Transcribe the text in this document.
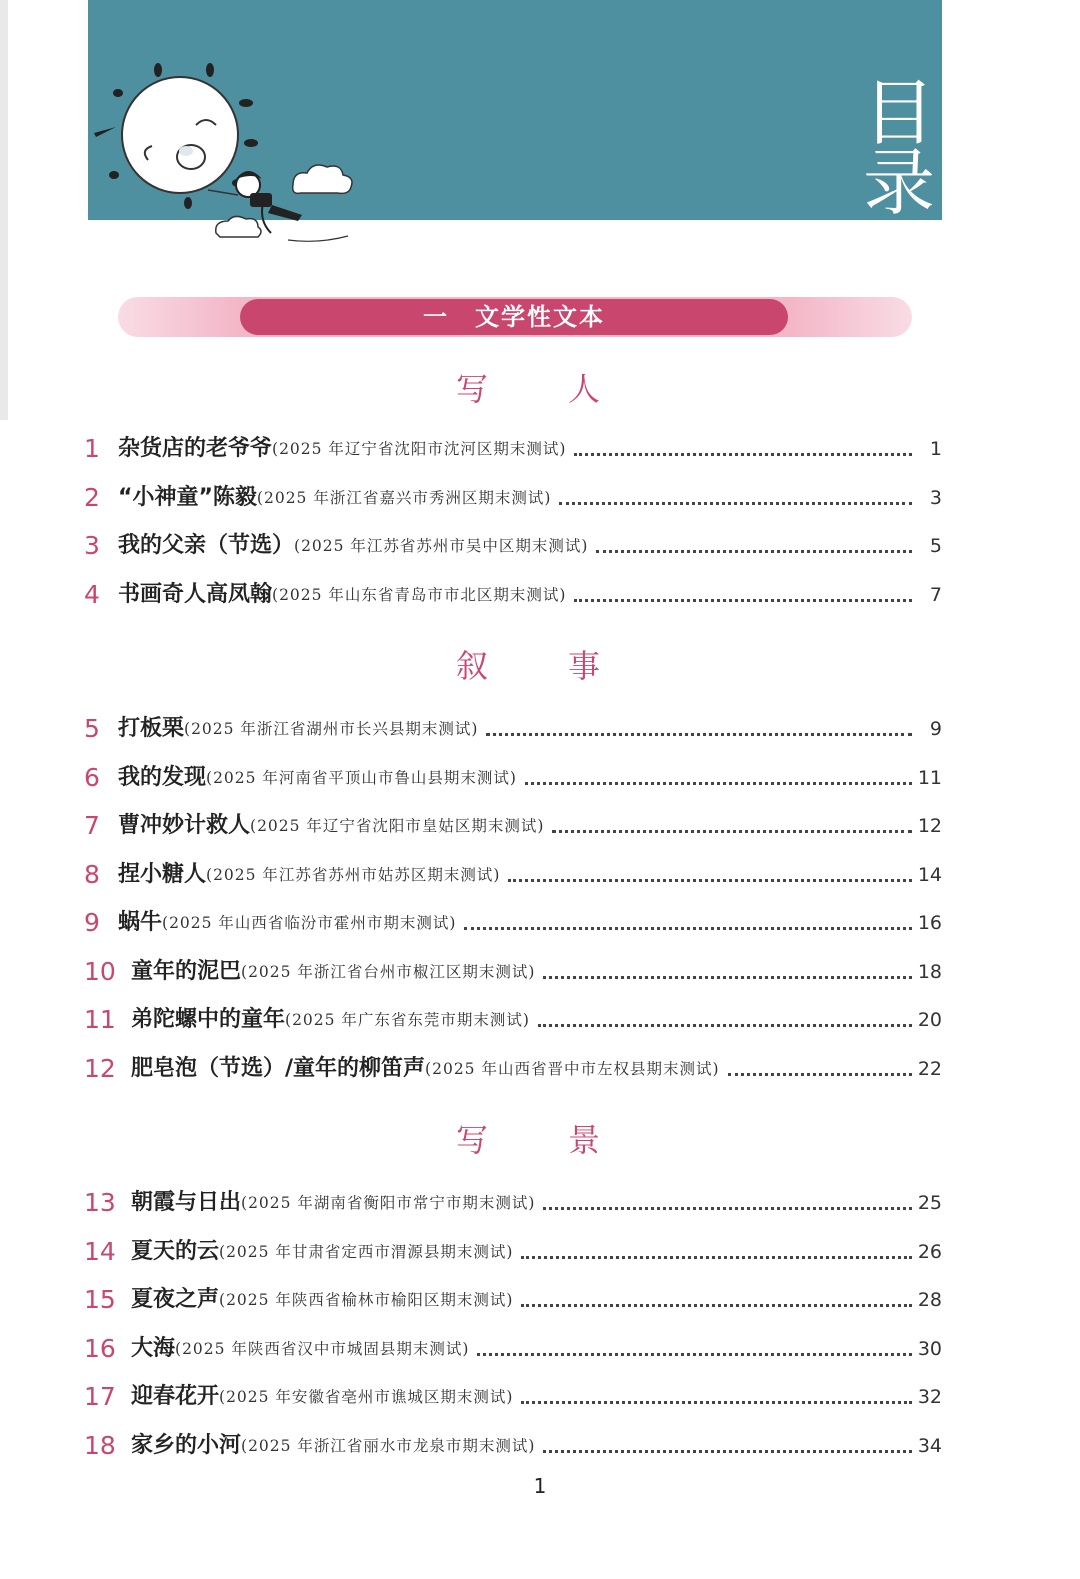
目
录
一　文学性文本
写　人
叙　事
写　景
1 杂货店的老爷爷 (2025 年辽宁省沈阳市沈河区期末测试)	1
2 “小神童”陈毅 (2025 年浙江省嘉兴市秀洲区期末测试)	3
3 我的父亲（节选） (2025 年江苏省苏州市吴中区期末测试)	5
4 书画奇人高凤翰 (2025 年山东省青岛市市北区期末测试)	7
5 打板栗 (2025 年浙江省湖州市长兴县期末测试)	9
6 我的发现 (2025 年河南省平顶山市鲁山县期末测试)	11
7 曹冲妙计救人 (2025 年辽宁省沈阳市皇姑区期末测试)	12
8 捏小糖人 (2025 年江苏省苏州市姑苏区期末测试)	14
9 蜗牛 (2025 年山西省临汾市霍州市期末测试)	16
10 童年的泥巴 (2025 年浙江省台州市椒江区期末测试)	18
11 弟陀螺中的童年 (2025 年广东省东莞市期末测试)	20
12 肥皂泡（节选）/童年的柳笛声 (2025 年山西省晋中市左权县期末测试)	22
13 朝霞与日出 (2025 年湖南省衡阳市常宁市期末测试)	25
14 夏天的云 (2025 年甘肃省定西市渭源县期末测试)	26
15 夏夜之声 (2025 年陕西省榆林市榆阳区期末测试)	28
16 大海 (2025 年陕西省汉中市城固县期末测试)	30
17 迎春花开 (2025 年安徽省亳州市谯城区期末测试)	32
18 家乡的小河 (2025 年浙江省丽水市龙泉市期末测试)	34
1
